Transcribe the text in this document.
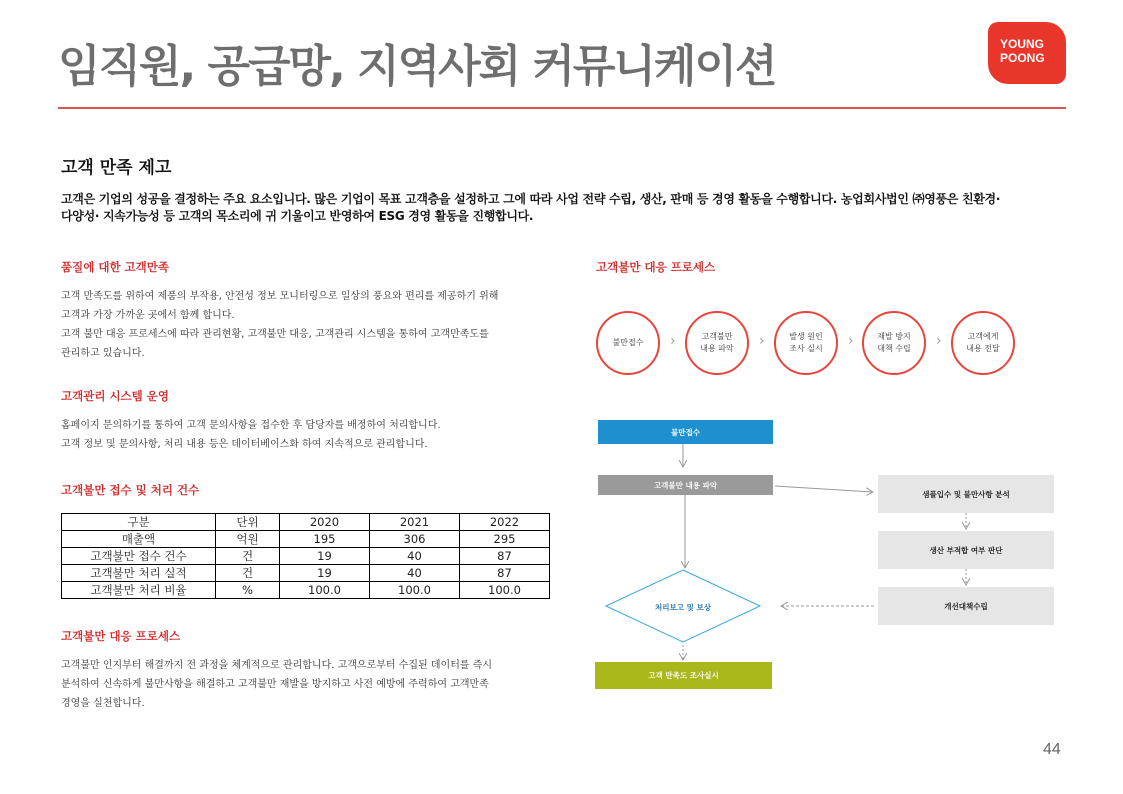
임직원, 공급망, 지역사회 커뮤니케이션	YOUNG
POONG
고객 만족 제고
고객은 기업의 성공을 결정하는 주요 요소입니다. 많은 기업이 목표 고객층을 설정하고 그에 따라 사업 전략 수립, 생산, 판매 등 경영 활동을 수행합니다. 농업회사법인 ㈜영풍은 친환경·
다양성· 지속가능성 등 고객의 목소리에 귀 기울이고 반영하여 ESG 경영 활동을 진행합니다.
품질에 대한 고객만족
고객 만족도를 위하여 제품의 부작용, 안전성 정보 모니터링으로 일상의 풍요와 편리를 제공하기 위해
고객과 가장 가까운 곳에서 함께 합니다.
고객 불만 대응 프로세스에 따라 관리현황, 고객불만 대응, 고객관리 시스템을 통하여 고객만족도를
관리하고 있습니다.
고객관리 시스템 운영
홈페이지 문의하기를 통하여 고객 문의사항을 접수한 후 담당자를 배정하여 처리합니다.
고객 정보 및 문의사항, 처리 내용 등은 데이터베이스화 하여 지속적으로 관리합니다.
고객불만 접수 및 처리 건수
구분	단위	2020	2021	2022
매출액	억원	195	306	295
고객불만 접수 건수	건	19	40	87
고객불만 처리 실적	건	19	40	87
고객불만 처리 비율	%	100.0	100.0	100.0
고객불만 대응 프로세스
고객불만 인지부터 해결까지 전 과정을 체계적으로 관리합니다. 고객으로부터 수집된 데이터를 즉시
분석하여 신속하게 불만사항을 해결하고 고객불만 재발을 방지하고 사전 예방에 주력하여 고객만족
경영을 실천합니다.
고객불만 대응 프로세스
불만접수 ›	고객불만
내용 파악 ›	발생 원인
조사 실시 ›	재발 방지
대책 수립 ›	고객에게
내용 전달
불만접수
고객불만 내용 파악
샘플입수 및 불만사항 분석
생산 부적합 여부 판단
개선대책수립
처리보고 및 보상
고객 만족도 조사실시
44
